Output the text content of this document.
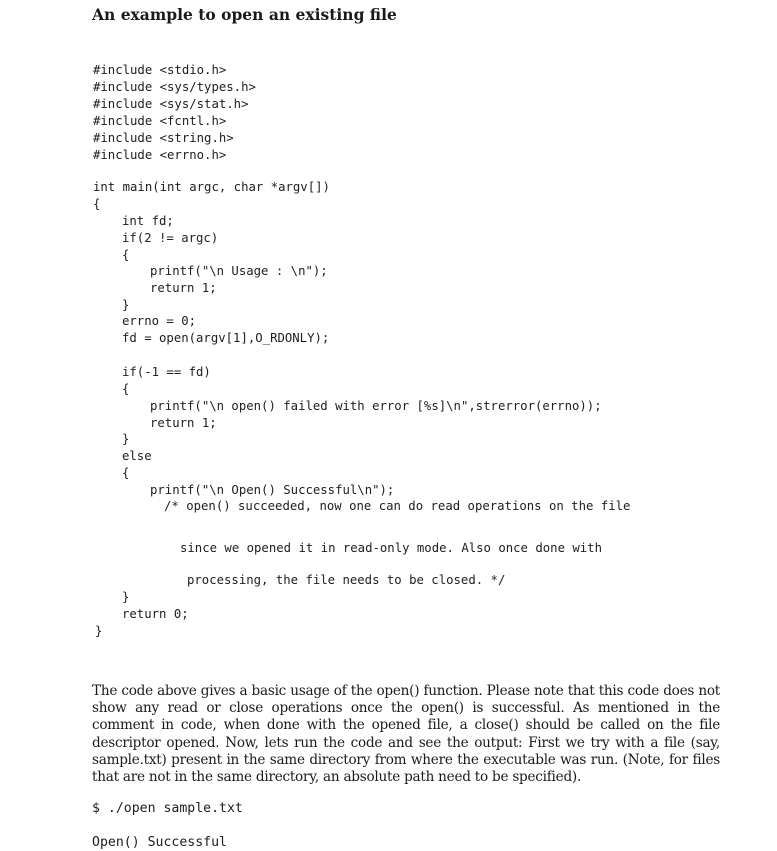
An example to open an existing file
#include <stdio.h>
#include <sys/types.h>
#include <sys/stat.h>
#include <fcntl.h>
#include <string.h>
#include <errno.h>
int main(int argc, char *argv[])
{
int fd;
if(2 != argc)
{
printf("\n Usage : \n");
return 1;
}
errno = 0;
fd = open(argv[1],O_RDONLY);
if(-1 == fd)
{
printf("\n open() failed with error [%s]\n",strerror(errno));
return 1;
}
else
{
printf("\n Open() Successful\n");
/* open() succeeded, now one can do read operations on the file
since we opened it in read-only mode. Also once done with
processing, the file needs to be closed. */
}
return 0;
}

The code above gives a basic usage of the open() function. Please note that this code does not show any read or close operations once the open() is successful. As mentioned in the comment in code, when done with the opened file, a close() should be called on the file descriptor opened. Now, lets run the code and see the output: First we try with a file (say, sample.txt) present in the same directory from where the executable was run. (Note, for files that are not in the same directory, an absolute path need to be specified).

$ ./open sample.txt
Open() Successful
